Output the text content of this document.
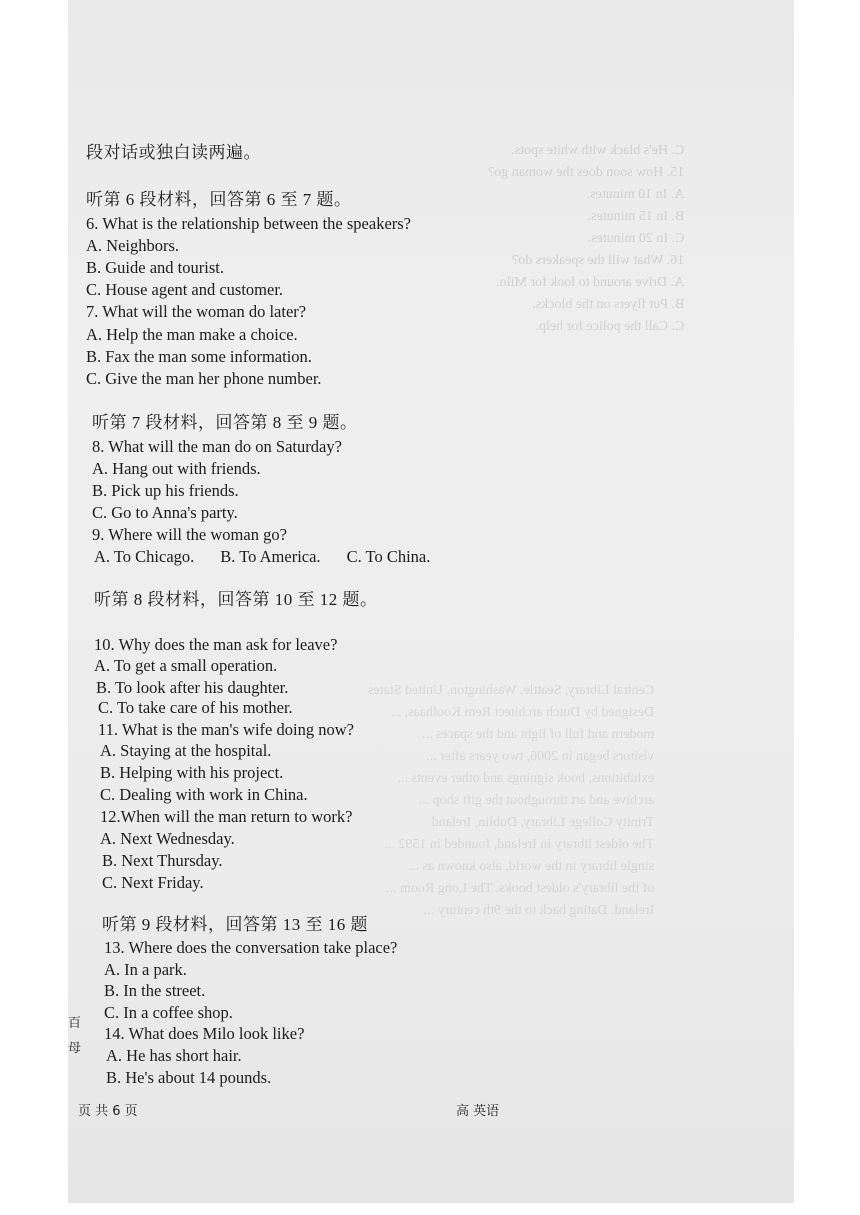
C. He's black with white spots.
15. How soon does the woman go?
A. In 10 minutes.
B. In 15 minutes.
C. In 20 minutes.
16. What will the speakers do?
A. Drive around to look for Milo.
B. Put flyers on the blocks.
C. Call the police for help.
Central Library, Seattle, Washington, United States
Designed by Dutch architect Rem Koolhaas, ...
modern and full of light and the spaces ...
visitors began in 2006, two years after ...
exhibitions, book signings and other events ...
archive and art throughout the gift shop ...
Trinity College Library, Dublin, Ireland
The oldest library in Ireland, founded in 1592 ...
single library in the world, also known as ...
of the library's oldest books. The Long Room ...
Ireland. Dating back to the 9th century ...
段对话或独白读两遍。
听第 6 段材料，回答第 6 至 7 题。
6. What is the relationship between the speakers?
A. Neighbors.
B. Guide and tourist.
C. House agent and customer.
7. What will the woman do later?
A. Help the man make a choice.
B. Fax the man some information.
C. Give the man her phone number.
听第 7 段材料，回答第 8 至 9 题。
8. What will the man do on Saturday?
A. Hang out with friends.
B. Pick up his friends.
C. Go to Anna's party.
9. Where will the woman go?
A. To Chicago. B. To America. C. To China.
听第 8 段材料，回答第 10 至 12 题。
10. Why does the man ask for leave?
A. To get a small operation.
B. To look after his daughter.
C. To take care of his mother.
11. What is the man's wife doing now?
A. Staying at the hospital.
B. Helping with his project.
C. Dealing with work in China.
12.When will the man return to work?
A. Next Wednesday.
B. Next Thursday.
C. Next Friday.
听第 9 段材料，回答第 13 至 16 题
13. Where does the conversation take place?
A. In a park.
B. In the street.
C. In a coffee shop.
14. What does Milo look like?
A. He has short hair.
B. He's about 14 pounds.
百
母
页 共 6 页	高 英语
